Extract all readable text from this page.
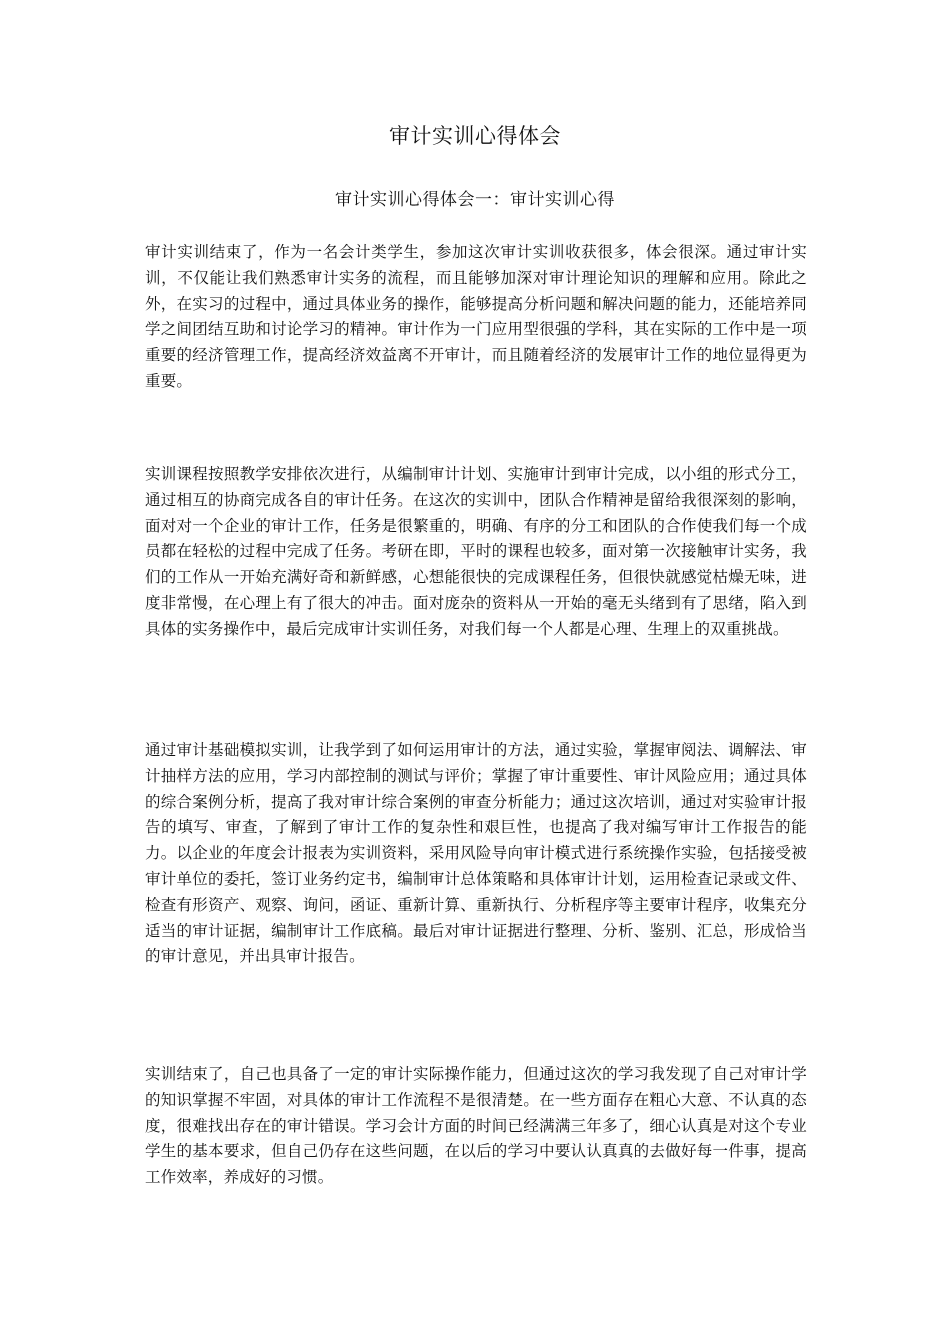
审计实训心得体会
审计实训心得体会一：审计实训心得

审计实训结束了，作为一名会计类学生，参加这次审计实训收获很多，体会很深。通过审计实训，不仅能让我们熟悉审计实务的流程，而且能够加深对审计理论知识的理解和应用。除此之外，在实习的过程中，通过具体业务的操作，能够提高分析问题和解决问题的能力，还能培养同学之间团结互助和讨论学习的精神。审计作为一门应用型很强的学科，其在实际的工作中是一项重要的经济管理工作，提高经济效益离不开审计，而且随着经济的发展审计工作的地位显得更为重要。

实训课程按照教学安排依次进行，从编制审计计划、实施审计到审计完成，以小组的形式分工，通过相互的协商完成各自的审计任务。在这次的实训中，团队合作精神是留给我很深刻的影响，面对对一个企业的审计工作，任务是很繁重的，明确、有序的分工和团队的合作使我们每一个成员都在轻松的过程中完成了任务。考研在即，平时的课程也较多，面对第一次接触审计实务，我们的工作从一开始充满好奇和新鲜感，心想能很快的完成课程任务，但很快就感觉枯燥无味，进度非常慢，在心理上有了很大的冲击。面对庞杂的资料从一开始的毫无头绪到有了思绪，陷入到具体的实务操作中，最后完成审计实训任务，对我们每一个人都是心理、生理上的双重挑战。

通过审计基础模拟实训，让我学到了如何运用审计的方法，通过实验，掌握审阅法、调解法、审计抽样方法的应用，学习内部控制的测试与评价；掌握了审计重要性、审计风险应用；通过具体的综合案例分析，提高了我对审计综合案例的审查分析能力；通过这次培训，通过对实验审计报告的填写、审查，了解到了审计工作的复杂性和艰巨性，也提高了我对编写审计工作报告的能力。以企业的年度会计报表为实训资料，采用风险导向审计模式进行系统操作实验，包括接受被审计单位的委托，签订业务约定书，编制审计总体策略和具体审计计划，运用检查记录或文件、检查有形资产、观察、询问，函证、重新计算、重新执行、分析程序等主要审计程序，收集充分适当的审计证据，编制审计工作底稿。最后对审计证据进行整理、分析、鉴别、汇总，形成恰当的审计意见，并出具审计报告。

实训结束了，自己也具备了一定的审计实际操作能力，但通过这次的学习我发现了自己对审计学的知识掌握不牢固，对具体的审计工作流程不是很清楚。在一些方面存在粗心大意、不认真的态度，很难找出存在的审计错误。学习会计方面的时间已经满满三年多了，细心认真是对这个专业学生的基本要求，但自己仍存在这些问题，在以后的学习中要认认真真的去做好每一件事，提高工作效率，养成好的习惯。
